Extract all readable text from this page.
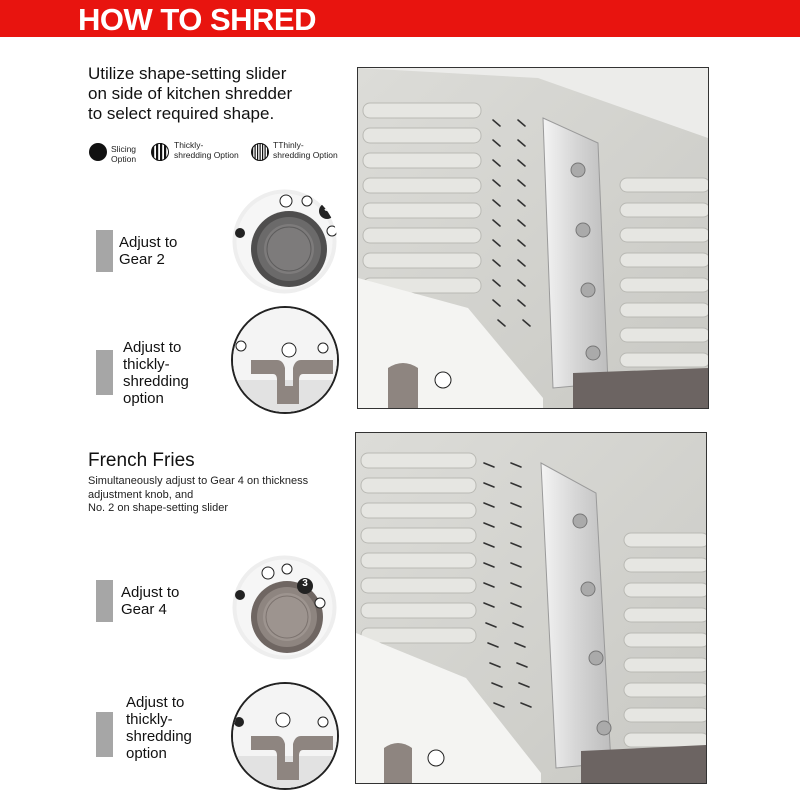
HOW TO SHRED
Utilize shape-setting slider
on side of kitchen shredder
to select required shape.
Slicing
Option
Thickly-
shredding Option
TThinly-
shredding Option
Adjust to
Gear 2
3
Adjust to
thickly-
shredding
option
French Fries
Simultaneously adjust to Gear 4 on thickness
adjustment knob, and
No. 2 on shape-setting slider
Adjust to
Gear 4
3
Adjust to
thickly-
shredding
option
